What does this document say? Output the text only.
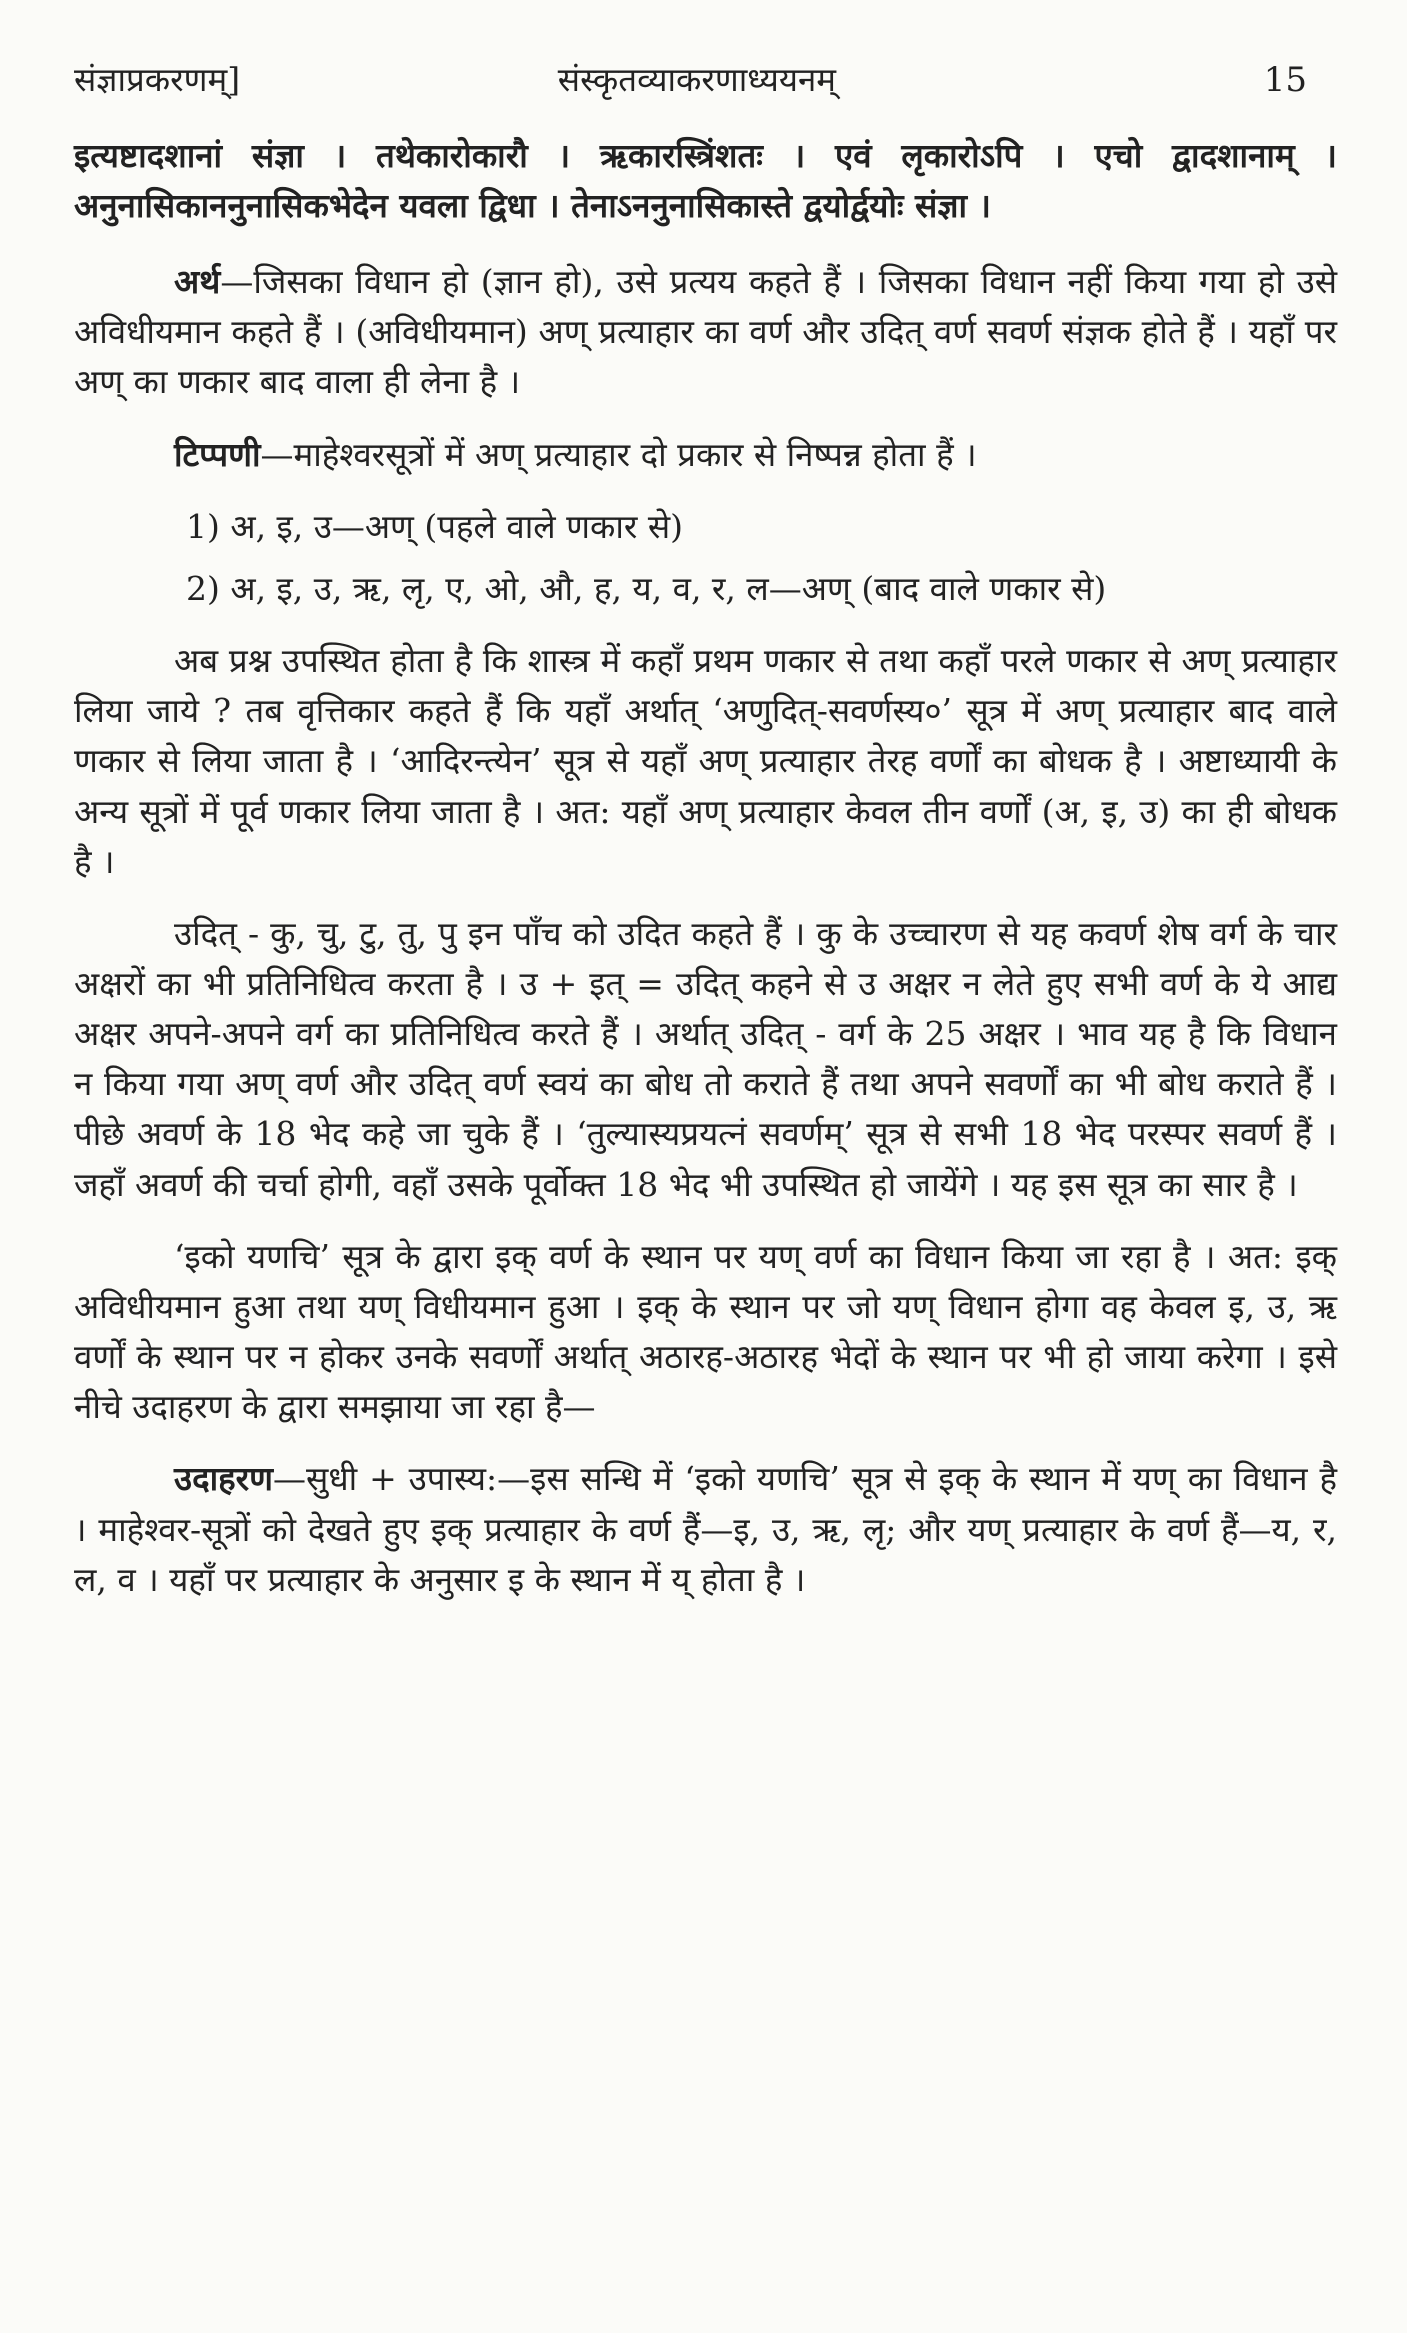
संज्ञाप्रकरणम्]	संस्कृतव्याकरणाध्ययनम्	15

इत्यष्टादशानां संज्ञा । तथेकारोकारौ । ऋकारस्त्रिंशतः । एवं लृकारोऽपि । एचो द्वादशानाम् । अनुनासिकाननुनासिकभेदेन यवला द्विधा । तेनाऽननुनासिकास्ते द्वयोर्द्वयोः संज्ञा ।

अर्थ—जिसका विधान हो (ज्ञान हो), उसे प्रत्यय कहते हैं । जिसका विधान नहीं किया गया हो उसे अविधीयमान कहते हैं । (अविधीयमान) अण् प्रत्याहार का वर्ण और उदित् वर्ण सवर्ण संज्ञक होते हैं । यहाँ पर अण् का णकार बाद वाला ही लेना है ।

टिप्पणी—माहेश्वरसूत्रों में अण् प्रत्याहार दो प्रकार से निष्पन्न होता हैं ।

1) अ, इ, उ—अण् (पहले वाले णकार से)
2) अ, इ, उ, ऋ, लृ, ए, ओ, औ, ह, य, व, र, ल—अण् (बाद वाले णकार से)

अब प्रश्न उपस्थित होता है कि शास्त्र में कहाँ प्रथम णकार से तथा कहाँ परले णकार से अण् प्रत्याहार लिया जाये ? तब वृत्तिकार कहते हैं कि यहाँ अर्थात् ‘अणुदित्-सवर्णस्य०’ सूत्र में अण् प्रत्याहार बाद वाले णकार से लिया जाता है । ‘आदिरन्त्येन’ सूत्र से यहाँ अण् प्रत्याहार तेरह वर्णों का बोधक है । अष्टाध्यायी के अन्य सूत्रों में पूर्व णकार लिया जाता है । अत: यहाँ अण् प्रत्याहार केवल तीन वर्णों (अ, इ, उ) का ही बोधक है ।

उदित् - कु, चु, टु, तु, पु इन पाँच को उदित कहते हैं । कु के उच्चारण से यह कवर्ण शेष वर्ग के चार अक्षरों का भी प्रतिनिधित्व करता है । उ + इत् = उदित् कहने से उ अक्षर न लेते हुए सभी वर्ण के ये आद्य अक्षर अपने-अपने वर्ग का प्रतिनिधित्व करते हैं । अर्थात् उदित् - वर्ग के 25 अक्षर । भाव यह है कि विधान न किया गया अण् वर्ण और उदित् वर्ण स्वयं का बोध तो कराते हैं तथा अपने सवर्णों का भी बोध कराते हैं । पीछे अवर्ण के 18 भेद कहे जा चुके हैं । ‘तुल्यास्यप्रयत्नं सवर्णम्’ सूत्र से सभी 18 भेद परस्पर सवर्ण हैं । जहाँ अवर्ण की चर्चा होगी, वहाँ उसके पूर्वोक्त 18 भेद भी उपस्थित हो जायेंगे । यह इस सूत्र का सार है ।

‘इको यणचि’ सूत्र के द्वारा इक् वर्ण के स्थान पर यण् वर्ण का विधान किया जा रहा है । अत: इक् अविधीयमान हुआ तथा यण् विधीयमान हुआ । इक् के स्थान पर जो यण् विधान होगा वह केवल इ, उ, ऋ वर्णों के स्थान पर न होकर उनके सवर्णों अर्थात् अठारह-अठारह भेदों के स्थान पर भी हो जाया करेगा । इसे नीचे उदाहरण के द्वारा समझाया जा रहा है—

उदाहरण—सुधी + उपास्य:—इस सन्धि में ‘इको यणचि’ सूत्र से इक् के स्थान में यण् का विधान है । माहेश्वर-सूत्रों को देखते हुए इक् प्रत्याहार के वर्ण हैं—इ, उ, ऋ, लृ; और यण् प्रत्याहार के वर्ण हैं—य, र, ल, व । यहाँ पर प्रत्याहार के अनुसार इ के स्थान में य् होता है ।
